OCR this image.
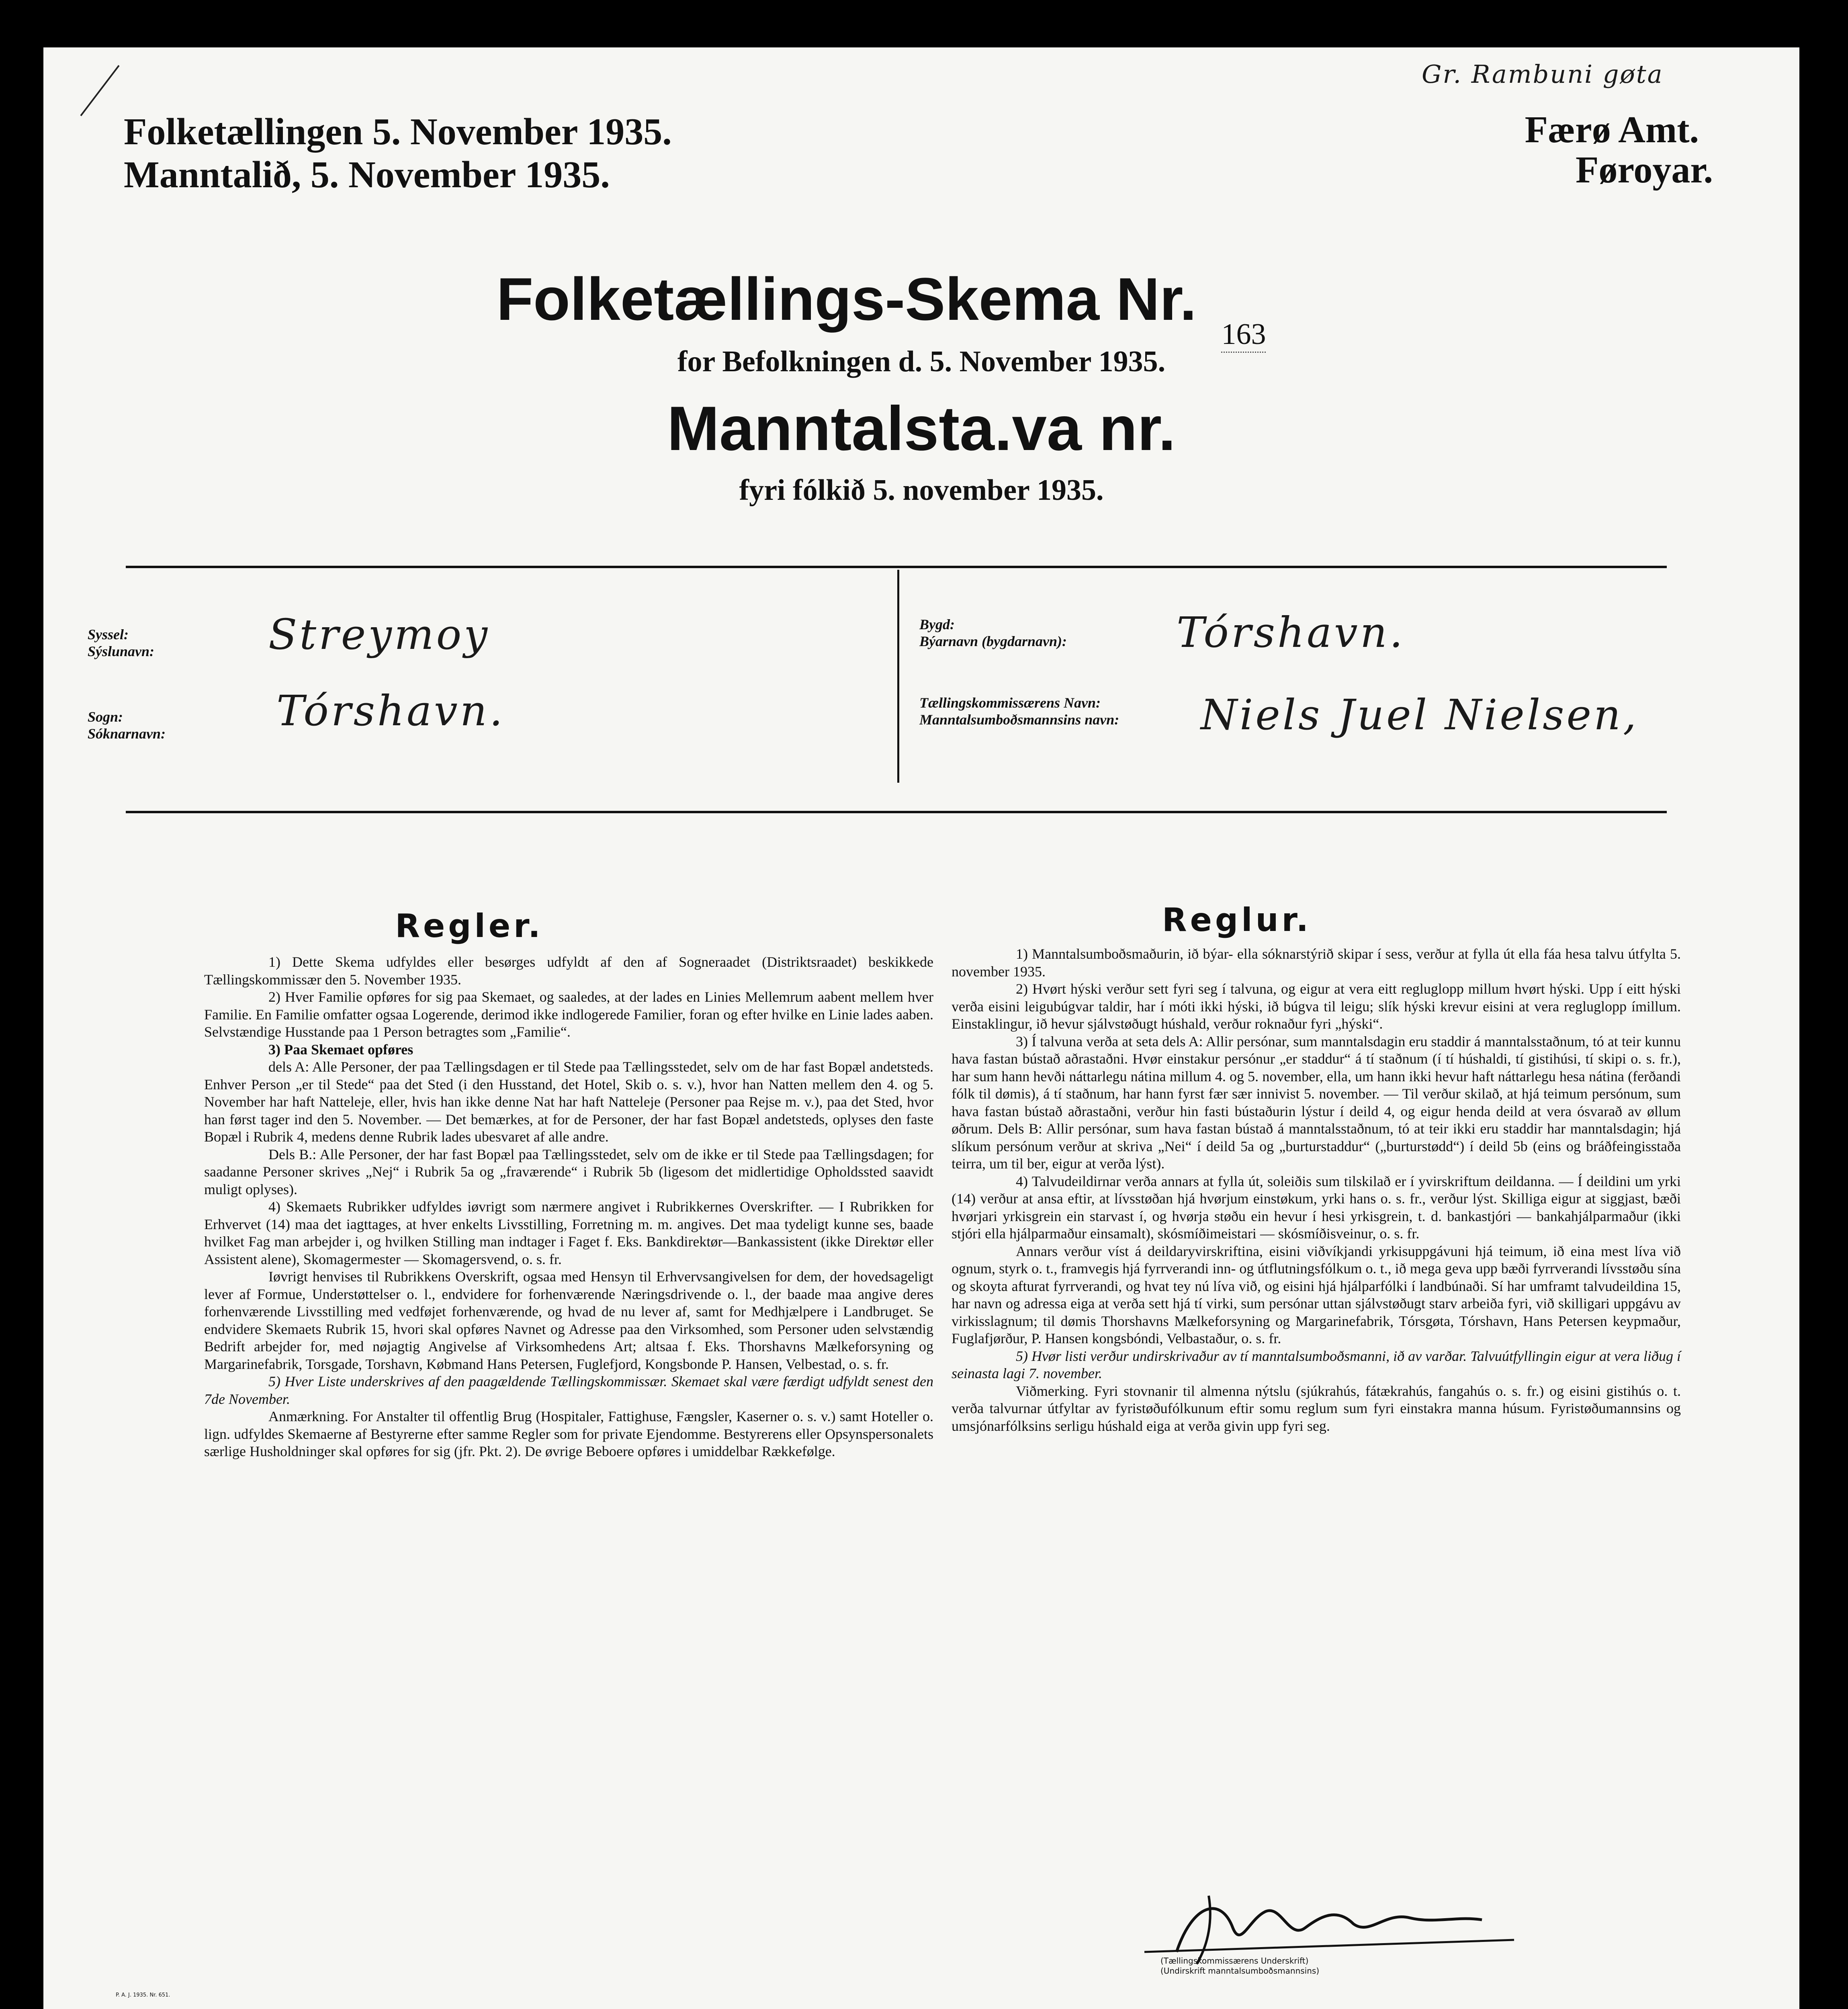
Folketællingen 5. November 1935.
Manntalið, 5. November 1935.
Gr. Rambuni gøta
Færø Amt.
Føroyar.
Folketællings-Skema Nr. 163
for Befolkningen d. 5. November 1935.
Manntalsta.va nr.
fyri fólkið 5. november 1935.
Syssel:
Sýslunavn:	Streymoy
Sogn:
Sóknarnavn:	Tórshavn.
Bygd:
Býarnavn (bygdarnavn):	Tórshavn.
Tællingskommissærens Navn:
Manntalsumboðsmannsins navn: Niels Juel Nielsen,
Regler.

1) Dette Skema udfyldes eller besørges udfyldt af den af Sogneraadet (Distriktsraadet) beskikkede Tællingskommissær den 5. November 1935.

2) Hver Familie opføres for sig paa Skemaet, og saaledes, at der lades en Linies Mellemrum aabent mellem hver Familie. En Familie omfatter ogsaa Logerende, derimod ikke indlogerede Familier, foran og efter hvilke en Linie lades aaben. Selvstændige Husstande paa 1 Person betragtes som „Familie“.

3) Paa Skemaet opføres

dels A: Alle Personer, der paa Tællingsdagen er til Stede paa Tællingsstedet, selv om de har fast Bopæl andetsteds. Enhver Person „er til Stede“ paa det Sted (i den Husstand, det Hotel, Skib o. s. v.), hvor han Natten mellem den 4. og 5. November har haft Natteleje, eller, hvis han ikke denne Nat har haft Natteleje (Personer paa Rejse m. v.), paa det Sted, hvor han først tager ind den 5. November. — Det bemærkes, at for de Personer, der har fast Bopæl andetsteds, oplyses den faste Bopæl i Rubrik 4, medens denne Rubrik lades ubesvaret af alle andre.

Dels B.: Alle Personer, der har fast Bopæl paa Tællingsstedet, selv om de ikke er til Stede paa Tællingsdagen; for saadanne Personer skrives „Nej“ i Rubrik 5a og „fraværende“ i Rubrik 5b (ligesom det midlertidige Opholdssted saavidt muligt oplyses).

4) Skemaets Rubrikker udfyldes iøvrigt som nærmere angivet i Rubrikkernes Overskrifter. — I Rubrikken for Erhvervet (14) maa det iagttages, at hver enkelts Livsstilling, Forretning m. m. angives. Det maa tydeligt kunne ses, baade hvilket Fag man arbejder i, og hvilken Stilling man indtager i Faget f. Eks. Bankdirektør—Bankassistent (ikke Direktør eller Assistent alene), Skomagermester — Skomagersvend, o. s. fr.

Iøvrigt henvises til Rubrikkens Overskrift, ogsaa med Hensyn til Erhvervsangivelsen for dem, der hovedsageligt lever af Formue, Understøttelser o. l., endvidere for forhenværende Næringsdrivende o. l., der baade maa angive deres forhenværende Livsstilling med vedføjet forhenværende, og hvad de nu lever af, samt for Medhjælpere i Landbruget. Se endvidere Skemaets Rubrik 15, hvori skal opføres Navnet og Adresse paa den Virksomhed, som Personer uden selvstændig Bedrift arbejder for, med nøjagtig Angivelse af Virksomhedens Art; altsaa f. Eks. Thorshavns Mælkeforsyning og Margarinefabrik, Torsgade, Torshavn, Købmand Hans Petersen, Fuglefjord, Kongsbonde P. Hansen, Velbestad, o. s. fr.

5) Hver Liste underskrives af den paagældende Tællingskommissær. Skemaet skal være færdigt udfyldt senest den 7de November.

Anmærkning. For Anstalter til offentlig Brug (Hospitaler, Fattighuse, Fængsler, Kaserner o. s. v.) samt Hoteller o. lign. udfyldes Skemaerne af Bestyrerne efter samme Regler som for private Ejendomme. Bestyrerens eller Opsynspersonalets særlige Husholdninger skal opføres for sig (jfr. Pkt. 2). De øvrige Beboere opføres i umiddelbar Rækkefølge.

Reglur.

1) Manntalsumboðsmaðurin, ið býar- ella sóknarstýrið skipar í sess, verður at fylla út ella fáa hesa talvu útfylta 5. november 1935.

2) Hvørt hýski verður sett fyri seg í talvuna, og eigur at vera eitt regluglopp millum hvørt hýski. Upp í eitt hýski verða eisini leigubúgvar taldir, har í móti ikki hýski, ið búgva til leigu; slík hýski krevur eisini at vera regluglopp ímillum. Einstaklingur, ið hevur sjálvstøðugt húshald, verður roknaður fyri „hýski“.

3) Í talvuna verða at seta dels A: Allir persónar, sum manntalsdagin eru staddir á manntalsstaðnum, tó at teir kunnu hava fastan bústað aðrastaðni. Hvør einstakur persónur „er staddur“ á tí staðnum (í tí húshaldi, tí gistihúsi, tí skipi o. s. fr.), har sum hann hevði náttarlegu nátina millum 4. og 5. november, ella, um hann ikki hevur haft náttarlegu hesa nátina (ferðandi fólk til dømis), á tí staðnum, har hann fyrst fær sær innivist 5. november. — Til verður skilað, at hjá teimum persónum, sum hava fastan bústað aðrastaðni, verður hin fasti bústaðurin lýstur í deild 4, og eigur henda deild at vera ósvarað av øllum øðrum. Dels B: Allir persónar, sum hava fastan bústað á manntalsstaðnum, tó at teir ikki eru staddir har manntalsdagin; hjá slíkum persónum verður at skriva „Nei“ í deild 5a og „burturstaddur“ („burturstødd“) í deild 5b (eins og bráðfeingisstaða teirra, um til ber, eigur at verða lýst).

4) Talvudeildirnar verða annars at fylla út, soleiðis sum tilskilað er í yvirskriftum deildanna. — Í deildini um yrki (14) verður at ansa eftir, at lívsstøðan hjá hvørjum einstøkum, yrki hans o. s. fr., verður lýst. Skilliga eigur at siggjast, bæði hvørjari yrkisgrein ein starvast í, og hvørja støðu ein hevur í hesi yrkisgrein, t. d. bankastjóri — bankahjálparmaður (ikki stjóri ella hjálparmaður einsamalt), skósmíðimeistari — skósmíðisveinur, o. s. fr.

Annars verður víst á deildaryvirskriftina, eisini viðvíkjandi yrkisuppgávuni hjá teimum, ið eina mest líva við ognum, styrk o. t., framvegis hjá fyrrverandi inn- og útflutningsfólkum o. t., ið mega geva upp bæði fyrrverandi lívsstøðu sína og skoyta afturat fyrrverandi, og hvat tey nú líva við, og eisini hjá hjálparfólki í landbúnaði. Sí har umframt talvudeildina 15, har navn og adressa eiga at verða sett hjá tí virki, sum persónar uttan sjálvstøðugt starv arbeiða fyri, við skilligari uppgávu av virkisslagnum; til dømis Thorshavns Mælkeforsyning og Margarinefabrik, Tórsgøta, Tórshavn, Hans Petersen keypmaður, Fuglafjørður, P. Hansen kongsbóndi, Velbastaður, o. s. fr.

5) Hvør listi verður undirskrivaður av tí manntalsumboðsmanni, ið av varðar. Talvuútfyllingin eigur at vera liðug í seinasta lagi 7. november.

Viðmerking. Fyri stovnanir til almenna nýtslu (sjúkrahús, fátækrahús, fangahús o. s. fr.) og eisini gistihús o. t. verða talvurnar útfyltar av fyristøðufólkunum eftir somu reglum sum fyri einstakra manna húsum. Fyristøðumannsins og umsjónarfólksins serligu húshald eiga at verða givin upp fyri seg.

(Tællingskommissærens Underskrift)
(Undirskrift manntalsumboðsmannsins)
P. A. J. 1935. Nr. 651.
